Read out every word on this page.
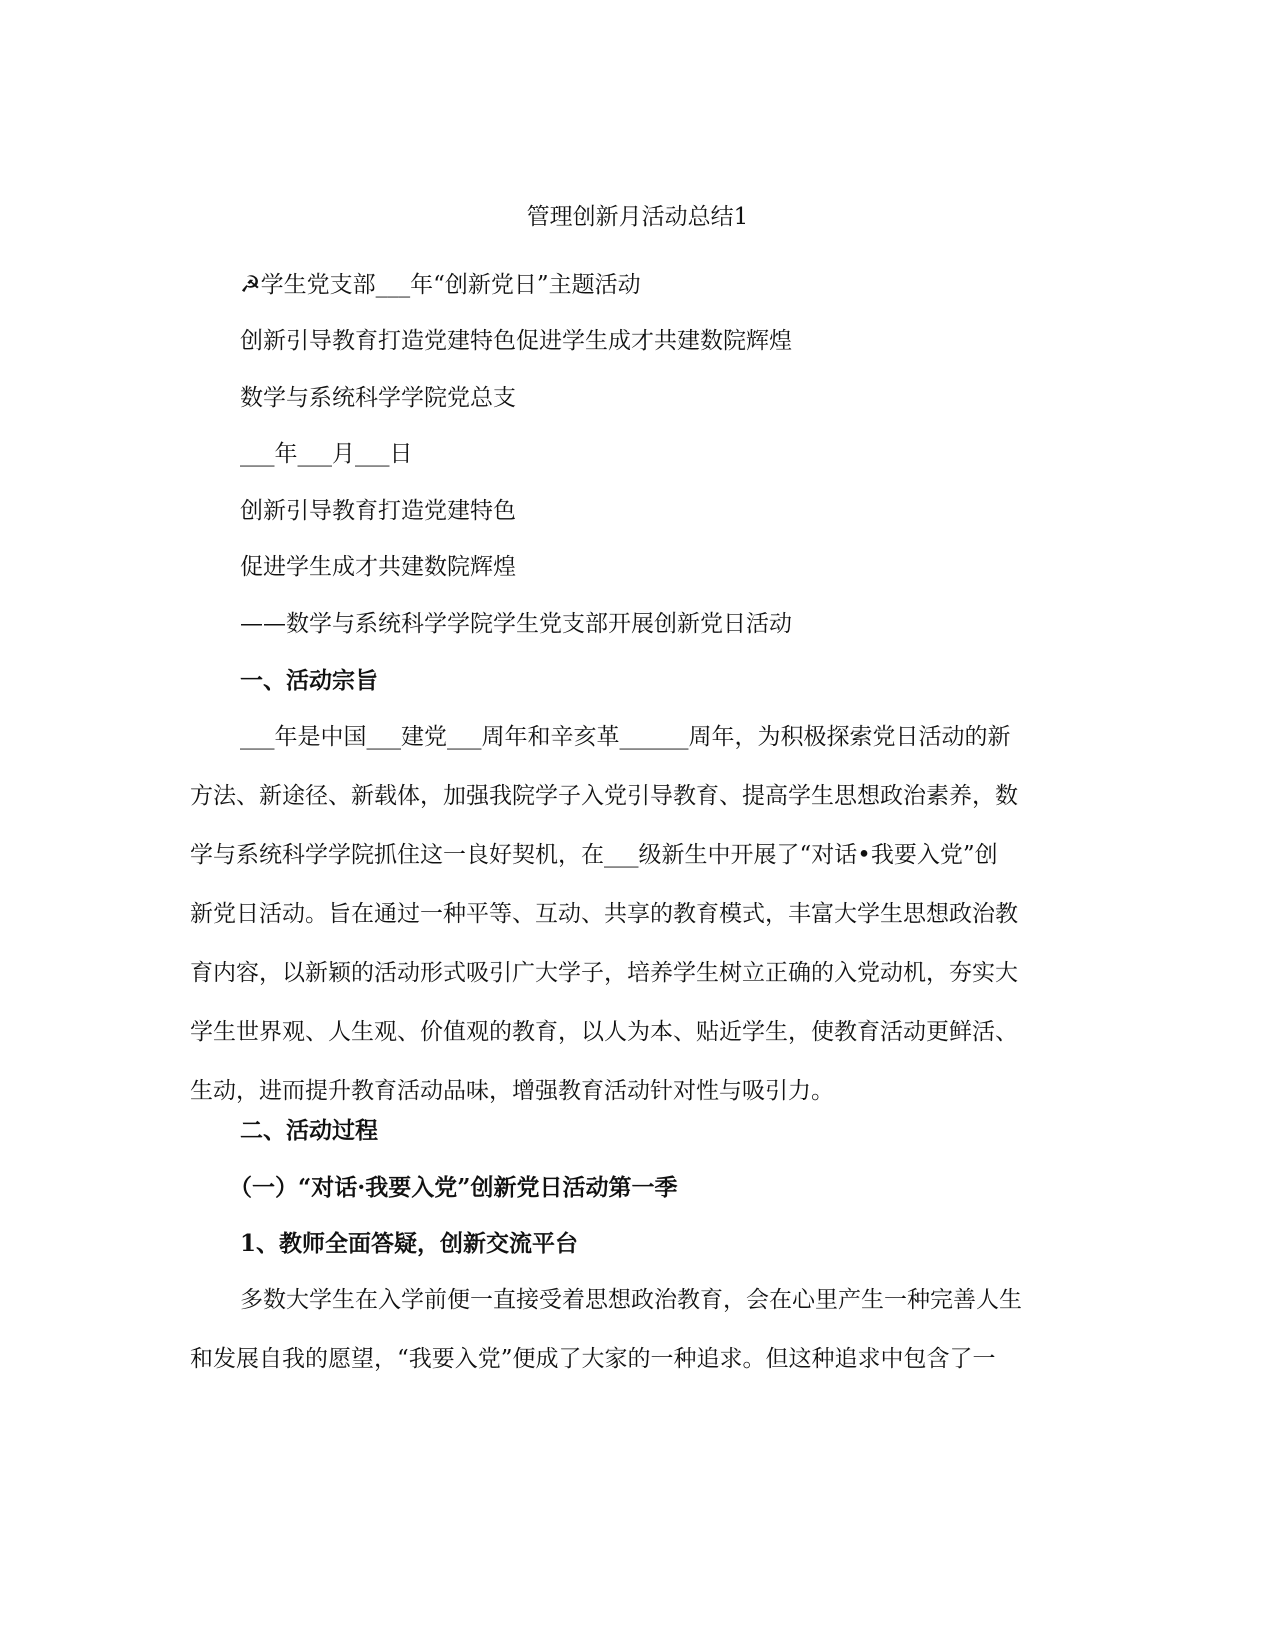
管理创新月活动总结1
☭学生党支部___年“创新党日”主题活动
创新引导教育打造党建特色促进学生成才共建数院辉煌
数学与系统科学学院党总支
___年___月___日
创新引导教育打造党建特色
促进学生成才共建数院辉煌
——数学与系统科学学院学生党支部开展创新党日活动
一、活动宗旨
___年是中国___建党___周年和辛亥革______周年，为积极探索党日活动的新
方法、新途径、新载体，加强我院学子入党引导教育、提高学生思想政治素养，数
学与系统科学学院抓住这一良好契机，在___级新生中开展了“对话•我要入党”创
新党日活动。旨在通过一种平等、互动、共享的教育模式，丰富大学生思想政治教
育内容，以新颖的活动形式吸引广大学子，培养学生树立正确的入党动机，夯实大
学生世界观、人生观、价值观的教育，以人为本、贴近学生，使教育活动更鲜活、
生动，进而提升教育活动品味，增强教育活动针对性与吸引力。
二、活动过程
（一）“对话·我要入党”创新党日活动第一季
1、教师全面答疑，创新交流平台
多数大学生在入学前便一直接受着思想政治教育，会在心里产生一种完善人生
和发展自我的愿望，“我要入党”便成了大家的一种追求。但这种追求中包含了一
